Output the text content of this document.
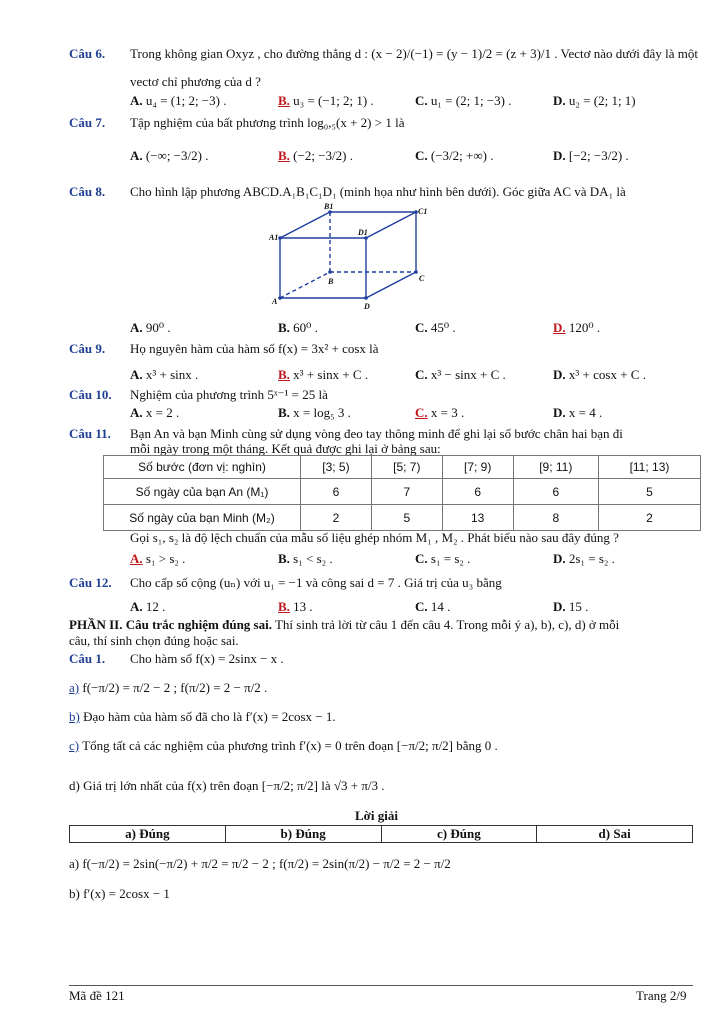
Câu 6. Trong không gian Oxyz , cho đường thẳng d : (x − 2)/(−1) = (y − 1)/2 = (z + 3)/1 . Vectơ nào dưới đây là một
vectơ chỉ phương của d ?
A. u₄ = (1; 2; −3) .	B. u₃ = (−1; 2; 1) .	C. u₁ = (2; 1; −3) .	D. u₂ = (2; 1; 1)
Câu 7. Tập nghiệm của bất phương trình log₀,₅(x + 2) > 1 là
A. (−∞; −3/2) .	B. (−2; −3/2) .	C. (−3/2; +∞) .	D. [−2; −3/2) .
Câu 8. Cho hình lập phương ABCD.A₁B₁C₁D₁ (minh họa như hình bên dưới). Góc giữa AC và DA₁ là
B1
C1
A1
D1
B	C
A
D
A. 90⁰ .	B. 60⁰ .	C. 45⁰ .	D. 120⁰ .
Câu 9. Họ nguyên hàm của hàm số f(x) = 3x² + cosx là
A. x³ + sinx .	B. x³ + sinx + C .	C. x³ − sinx + C .	D. x³ + cosx + C .
Câu 10. Nghiệm của phương trình 5ˣ⁻¹ = 25 là
A. x = 2 .	B. x = log₅ 3 .	C. x = 3 .	D. x = 4 .
Câu 11. Bạn An và bạn Minh cùng sử dụng vòng đeo tay thông minh để ghi lại số bước chân hai bạn đi
mỗi ngày trong một tháng. Kết quả được ghi lại ở bảng sau:
Số bước (đơn vị: nghìn)	[3; 5)	[5; 7)	[7; 9)	[9; 11)	[11; 13)
Số ngày của bạn An (M₁)	6	7	6	6	5
Số ngày của bạn Minh (M₂)	2	5	13	8	2
Gọi s₁, s₂ là độ lệch chuẩn của mẫu số liệu ghép nhóm M₁ , M₂ . Phát biểu nào sau đây đúng ?
A. s₁ > s₂ .	B. s₁ < s₂ .	C. s₁ = s₂ .	D. 2s₁ = s₂ .
Câu 12. Cho cấp số cộng (uₙ) với u₁ = −1 và công sai d = 7 . Giá trị của u₃ bằng
A. 12 .	B. 13 .	C. 14 .	D. 15 .
PHẦN II. Câu trắc nghiệm đúng sai. Thí sinh trả lời từ câu 1 đến câu 4. Trong mỗi ý a), b), c), d) ở mỗi
câu, thí sinh chọn đúng hoặc sai.
Câu 1. Cho hàm số f(x) = 2sinx − x .
a) f(−π/2) = π/2 − 2 ; f(π/2) = 2 − π/2 .
b) Đạo hàm của hàm số đã cho là f′(x) = 2cosx − 1.
c) Tổng tất cả các nghiệm của phương trình f′(x) = 0 trên đoạn [−π/2; π/2] bằng 0 .
d) Giá trị lớn nhất của f(x) trên đoạn [−π/2; π/2] là √3 + π/3 .
Lời giải
a) Đúng	b) Đúng	c) Đúng	d) Sai
a) f(−π/2) = 2sin(−π/2) + π/2 = π/2 − 2 ; f(π/2) = 2sin(π/2) − π/2 = 2 − π/2
b) f′(x) = 2cosx − 1
Mã đề 121	Trang 2/9
